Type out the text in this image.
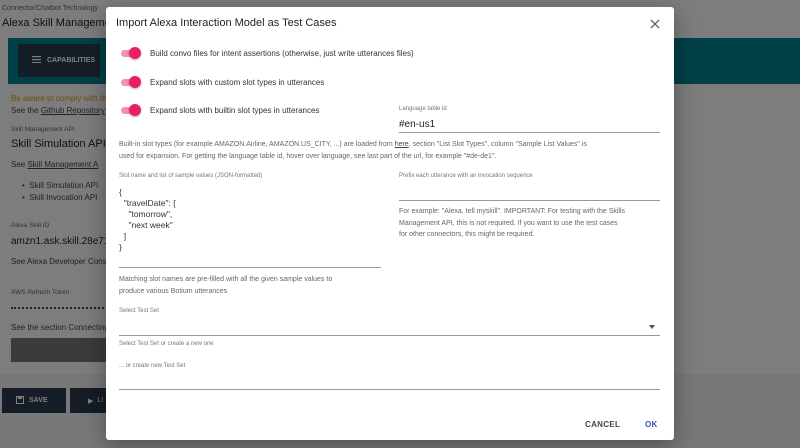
Import Alexa Interaction Model as Test Cases
Build convo files for intent assertions (otherwise, just write utterances files)
Expand slots with custom slot types in utterances
Expand slots with builtin slot types in utterances	Language table id
#en-us1
Built-in slot types (for example AMAZON.Airline, AMAZON.US_CITY, ...) are loaded from here, section "List Slot Types", column "Sample List Values" is
used for expansion. For getting the language table id, hover over language, see last part of the url, for example "#de-de1".
Slot name and list of sample values (JSON-formatted)
{
"travelDate": [
"tomorrow",
"next week"
]
}
Matching slot names are pre-filled with all the given sample values to
produce various Botium utterances
Prefix each utterance with an invocation sequence
For example: "Alexa, tell myskill". IMPORTANT: For testing with the Skills
Management API, this is not required. If you want to use the test cases
for other connectors, this might be required.
Select Test Set
Select Test Set or create a new one
... or create new Test Set
CANCEL	OK
